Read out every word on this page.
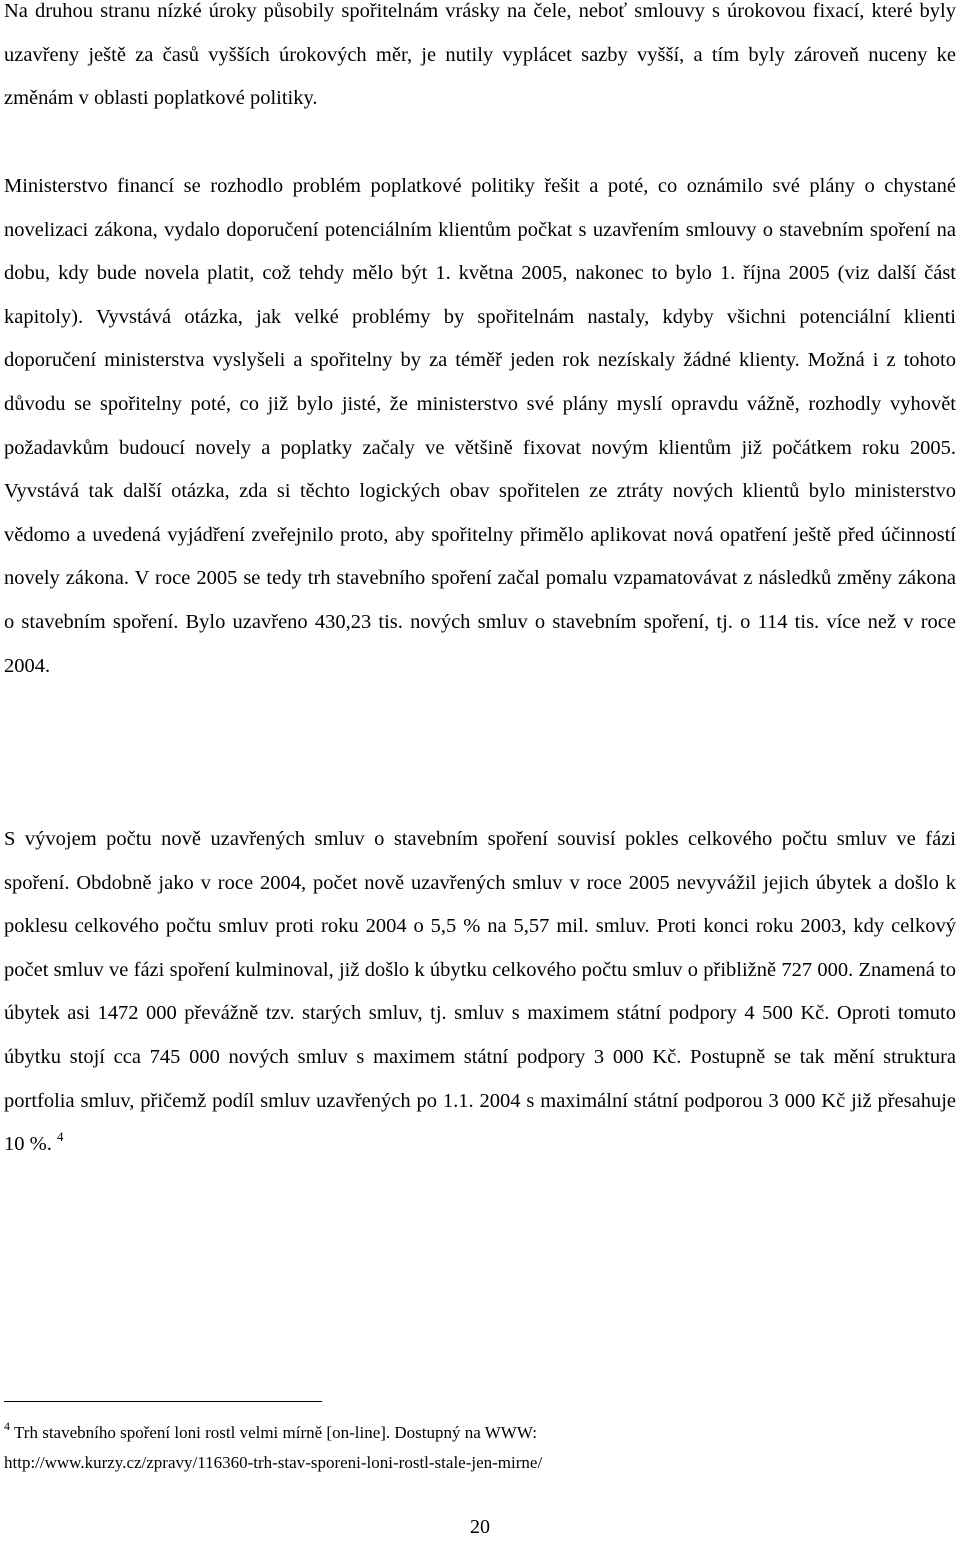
Na druhou stranu nízké úroky působily spořitelnám vrásky na čele, neboť smlouvy s úrokovou fixací, které byly uzavřeny ještě za časů vyšších úrokových měr, je nutily vyplácet sazby vyšší, a tím byly zároveň nuceny ke změnám v oblasti poplatkové politiky.

Ministerstvo financí se rozhodlo problém poplatkové politiky řešit a poté, co oznámilo své plány o chystané novelizaci zákona, vydalo doporučení potenciálním klientům počkat s uzavřením smlouvy o stavebním spoření na dobu, kdy bude novela platit, což tehdy mělo být 1. května 2005, nakonec to bylo 1. října 2005 (viz další část kapitoly). Vyvstává otázka, jak velké problémy by spořitelnám nastaly, kdyby všichni potenciální klienti doporučení ministerstva vyslyšeli a spořitelny by za téměř jeden rok nezískaly žádné klienty. Možná i z tohoto důvodu se spořitelny poté, co již bylo jisté, že ministerstvo své plány myslí opravdu vážně, rozhodly vyhovět požadavkům budoucí novely a poplatky začaly ve většině fixovat novým klientům již počátkem roku 2005. Vyvstává tak další otázka, zda si těchto logických obav spořitelen ze ztráty nových klientů bylo ministerstvo vědomo a uvedená vyjádření zveřejnilo proto, aby spořitelny přimělo aplikovat nová opatření ještě před účinností novely zákona. V roce 2005 se tedy trh stavebního spoření začal pomalu vzpamatovávat z následků změny zákona o stavebním spoření. Bylo uzavřeno 430,23 tis. nových smluv o stavebním spoření, tj. o 114 tis. více než v roce 2004.

S vývojem počtu nově uzavřených smluv o stavebním spoření souvisí pokles celkového počtu smluv ve fázi spoření. Obdobně jako v roce 2004, počet nově uzavřených smluv v roce 2005 nevyvážil jejich úbytek a došlo k poklesu celkového počtu smluv proti roku 2004 o 5,5 % na 5,57 mil. smluv. Proti konci roku 2003, kdy celkový počet smluv ve fázi spoření kulminoval, již došlo k úbytku celkového počtu smluv o přibližně 727 000. Znamená to úbytek asi 1472 000 převážně tzv. starých smluv, tj. smluv s maximem státní podpory 4 500 Kč. Oproti tomuto úbytku stojí cca 745 000 nových smluv s maximem státní podpory 3 000 Kč. Postupně se tak mění struktura portfolia smluv, přičemž podíl smluv uzavřených po 1.1. 2004 s maximální státní podporou 3 000 Kč již přesahuje 10 %. $^4$

$^4$ Trh stavebního spoření loni rostl velmi mírně [on-line]. Dostupný na WWW:
http://www.kurzy.cz/zpravy/116360-trh-stav-sporeni-loni-rostl-stale-jen-mirne/
20
